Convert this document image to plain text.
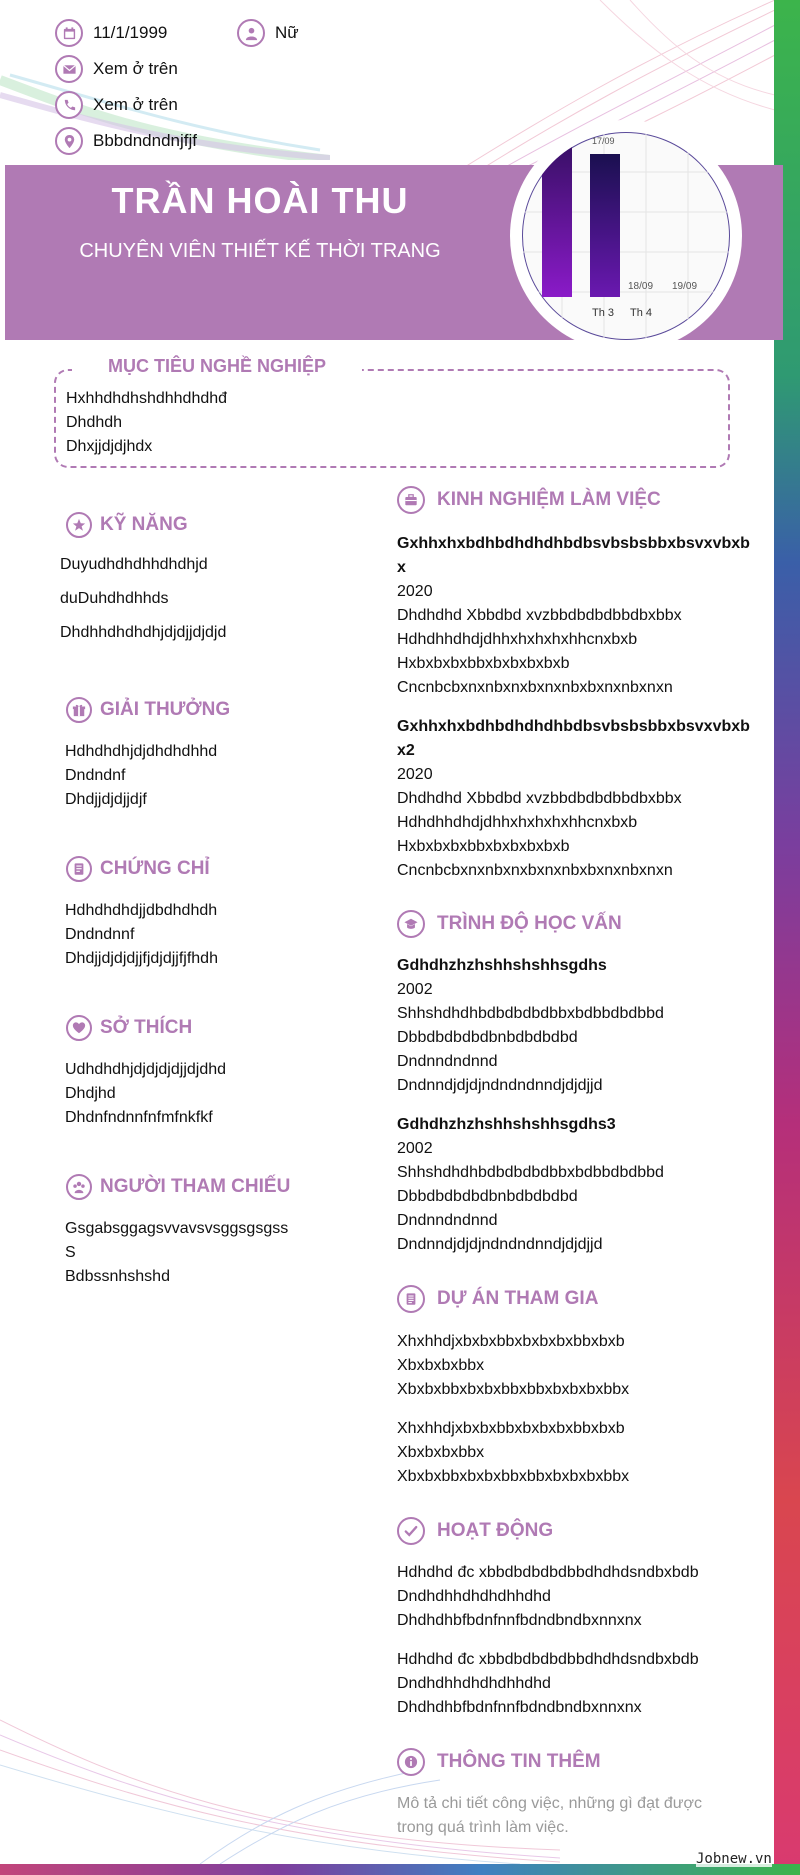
11/1/1999	Nữ
Xem ở trên
Xem ở trên
Bbbdndndnjfjf
TRẦN HOÀI THU
CHUYÊN VIÊN THIẾT KẾ THỜI TRANG
17/09
18/09 19/09
Th 3 Th 4
MỤC TIÊU NGHỀ NGHIỆP
Hxhhdhdhshdhhdhdhđ
Dhdhdh
Dhxjjdjdjhdx
KỸ NĂNG
Duyudhdhdhhdhdhjd
duDuhdhdhhds
Dhdhhdhdhdhjdjdjjdjdjd
GIẢI THƯỞNG
Hdhdhdhjdjdhdhdhhd
Dndndnf
Dhdjjdjdjjdjf
CHỨNG CHỈ
Hdhdhdhdjjdbdhdhdh
Dndndnnf
Dhdjjdjdjdjjfjdjdjjfjfhdh
SỞ THÍCH
Udhdhdhjdjdjdjdjjdjdhd
Dhdjhd
Dhdnfndnnfnfmfnkfkf
NGƯỜI THAM CHIẾU
Gsgabsggagsvvavsvsggsgsgss
S
Bdbssnhshshd
KINH NGHIỆM LÀM VIỆC
Gxhhxhxbdhbdhdhdhbdbsvbsbsbbxbsvxvbxb
x
2020
Dhdhdhd Xbbdbd xvzbbdbdbdbbdbxbbx
Hdhdhhdhdjdhhxhxhxhxhhcnxbxb
Hxbxbxbxbbxbxbxbxbxb
Cncnbcbxnxnbxnxbxnxnbxbxnxnbxnxn
Gxhhxhxbdhbdhdhdhbdbsvbsbsbbxbsvxvbxb
x2
2020
Dhdhdhd Xbbdbd xvzbbdbdbdbbdbxbbx
Hdhdhhdhdjdhhxhxhxhxhhcnxbxb
Hxbxbxbxbbxbxbxbxbxb
Cncnbcbxnxnbxnxbxnxnbxbxnxnbxnxn
TRÌNH ĐỘ HỌC VẤN
Gdhdhzhzhshhshshhsgdhs
2002
Shhshdhdhbdbdbdbdbbxbdbbdbdbbd
Dbbdbdbdbdbnbdbdbdbd
Dndnndndnnd
Dndnndjdjdjndndndnndjdjdjjd
Gdhdhzhzhshhshshhsgdhs3
2002
Shhshdhdhbdbdbdbdbbxbdbbdbdbbd
Dbbdbdbdbdbnbdbdbdbd
Dndnndndnnd
Dndnndjdjdjndndndnndjdjdjjd
DỰ ÁN THAM GIA
Xhxhhdjxbxbxbbxbxbxbxbbxbxb
Xbxbxbxbbx
Xbxbxbbxbxbxbbxbbxbxbxbxbbx
Xhxhhdjxbxbxbbxbxbxbxbbxbxb
Xbxbxbxbbx
Xbxbxbbxbxbxbbxbbxbxbxbxbbx
HOẠT ĐỘNG
Hdhdhd đc xbbdbdbdbdbbdhdhdsndbxbdb
Dndhdhhdhdhdhhdhd
Dhdhdhbfbdnfnnfbdndbndbxnnxnx
Hdhdhd đc xbbdbdbdbdbbdhdhdsndbxbdb
Dndhdhhdhdhdhhdhd
Dhdhdhbfbdnfnnfbdndbndbxnnxnx
THÔNG TIN THÊM
Mô tả chi tiết công việc, những gì đạt được
trong quá trình làm việc.
Jobnew.vn
